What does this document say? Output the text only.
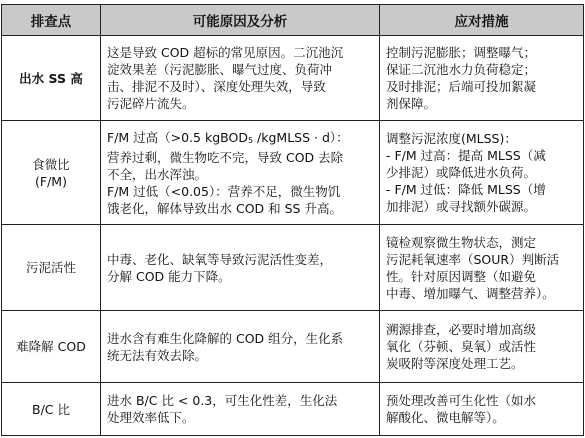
排查点	可能原因及分析	应对措施
出水 SS 高	这是导致 COD 超标的常见原因。二沉池沉
淀效果差（污泥膨胀、曝气过度、负荷冲
击、排泥不及时）、深度处理失效，导致
污泥碎片流失。	控制污泥膨胀；调整曝气；
保证二沉池水力负荷稳定；
及时排泥；后端可投加絮凝
剂保障。

食微比
(F/M)	F/M 过高（>0.5 kgBOD5 /kgMLSS · d）：
营养过剩，微生物吃不完，导致 COD 去除
不全，出水浑浊。
F/M 过低（<0.05）：营养不足，微生物饥
饿老化，解体导致出水 COD 和 SS 升高。	调整污泥浓度(MLSS)：
- F/M 过高：提高 MLSS（减
少排泥）或降低进水负荷。
- F/M 过低：降低 MLSS（增
加排泥）或寻找额外碳源。

污泥活性	中毒、老化、缺氧等导致污泥活性变差，
分解 COD 能力下降。	镜检观察微生物状态，测定
污泥耗氧速率（SOUR）判断活
性。针对原因调整（如避免
中毒、增加曝气、调整营养）。

难降解 COD	进水含有难生化降解的 COD 组分，生化系
统无法有效去除。	溯源排查，必要时增加高级
氧化（芬顿、臭氧）或活性
炭吸附等深度处理工艺。

B/C 比	进水 B/C 比 < 0.3，可生化性差，生化法
处理效率低下。	预处理改善可生化性（如水
解酸化、微电解等）。
